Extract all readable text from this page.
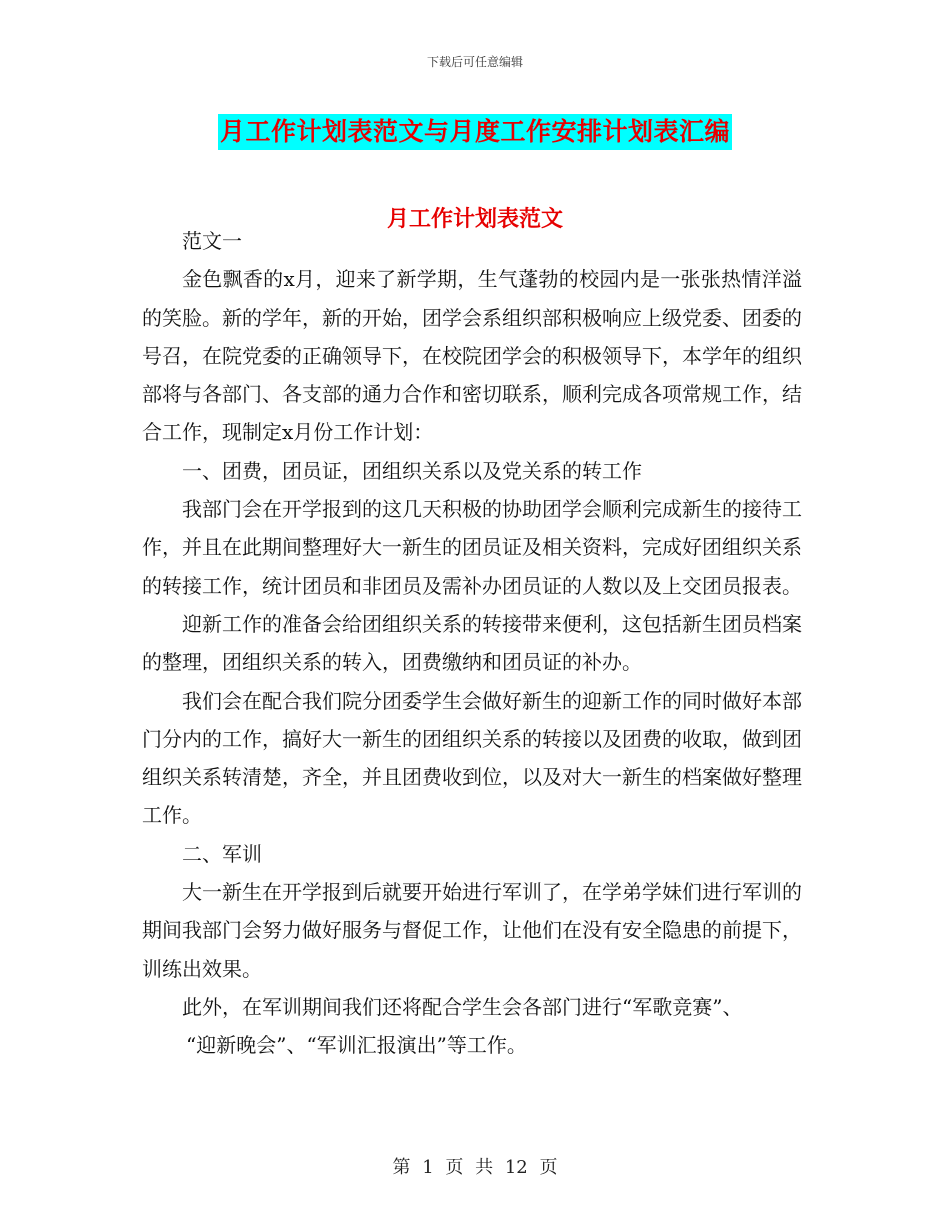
下载后可任意编辑
月工作计划表范文与月度工作安排计划表汇编
月工作计划表范文

范文一

金色飘香的x月，迎来了新学期，生气蓬勃的校园内是一张张热情洋溢的笑脸。新的学年，新的开始，团学会系组织部积极响应上级党委、团委的号召，在院党委的正确领导下，在校院团学会的积极领导下，本学年的组织部将与各部门、各支部的通力合作和密切联系，顺利完成各项常规工作，结合工作，现制定x月份工作计划：

一、团费，团员证，团组织关系以及党关系的转工作

我部门会在开学报到的这几天积极的协助团学会顺利完成新生的接待工作，并且在此期间整理好大一新生的团员证及相关资料，完成好团组织关系的转接工作，统计团员和非团员及需补办团员证的人数以及上交团员报表。

迎新工作的准备会给团组织关系的转接带来便利，这包括新生团员档案的整理，团组织关系的转入，团费缴纳和团员证的补办。

我们会在配合我们院分团委学生会做好新生的迎新工作的同时做好本部门分内的工作，搞好大一新生的团组织关系的转接以及团费的收取，做到团组织关系转清楚，齐全，并且团费收到位，以及对大一新生的档案做好整理工作。

二、军训

大一新生在开学报到后就要开始进行军训了，在学弟学妹们进行军训的期间我部门会努力做好服务与督促工作，让他们在没有安全隐患的前提下，训练出效果。

此外，在军训期间我们还将配合学生会各部门进行“军歌竞赛”、

“迎新晚会”、“军训汇报演出”等工作。

第 1 页 共 12 页
